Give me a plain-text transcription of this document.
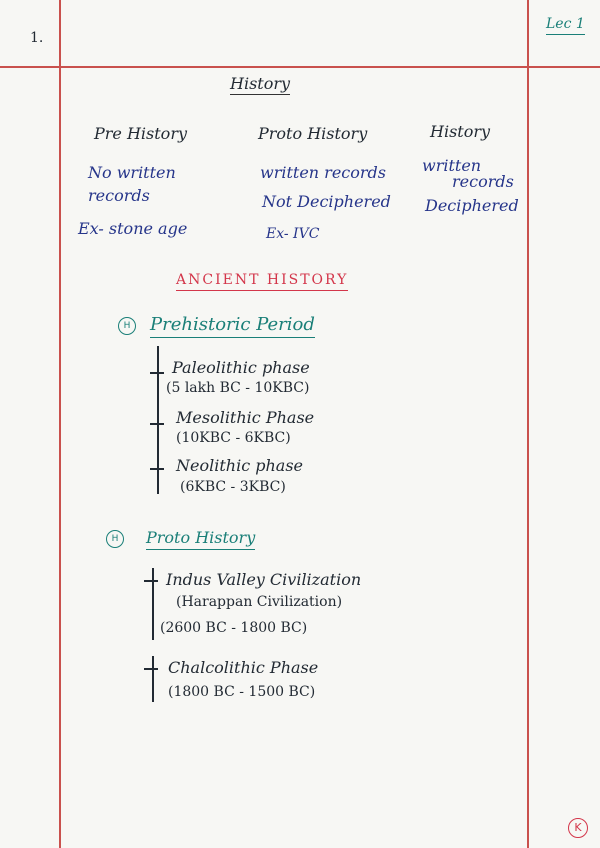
1.
Lec 1
History
Pre History
No written
records
Ex- stone age
Proto History
written records
Not Deciphered
Ex- IVC
History
written
records
Deciphered
ANCIENT HISTORY
H	Prehistoric Period
Paleolithic phase
(5 lakh BC - 10KBC)
Mesolithic Phase
(10KBC - 6KBC)
Neolithic phase
(6KBC - 3KBC)
H	Proto History
Indus Valley Civilization
(Harappan Civilization)
(2600 BC - 1800 BC)
Chalcolithic Phase
(1800 BC - 1500 BC)
K
